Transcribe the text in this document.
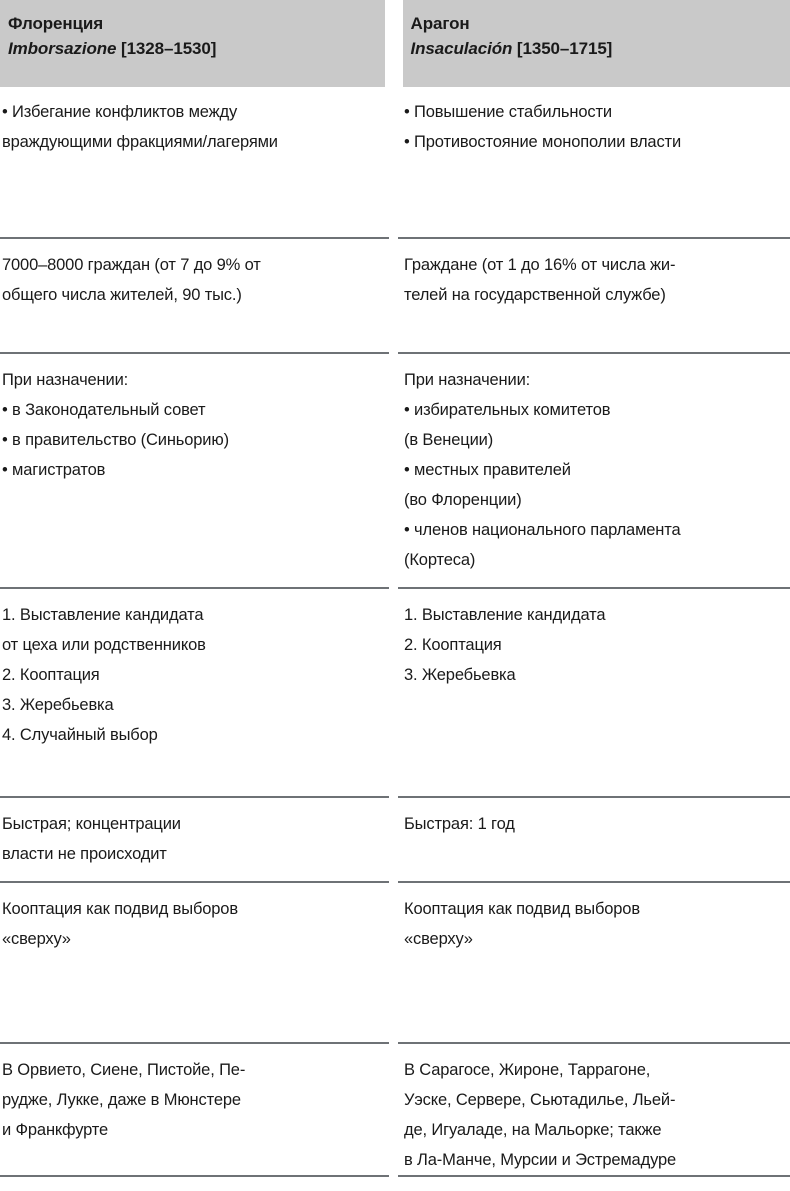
Флоренция
Imborsazione [1328–1530]
Арагон
Insaculación [1350–1715]
• Избегание конфликтов между
враждующими фракциями/лагерями
• Повышение стабильности
• Противостояние монополии власти
7000–8000 граждан (от 7 до 9% от
общего числа жителей, 90 тыс.)
Граждане (от 1 до 16% от числа жи-
телей на государственной службе)
При назначении:
• в Законодательный совет
• в правительство (Синьорию)
• магистратов
При назначении:
• избирательных комитетов
(в Венеции)
• местных правителей
(во Флоренции)
• членов национального парламента
(Кортеса)
1. Выставление кандидата
от цеха или родственников
2. Кооптация
3. Жеребьевка
4. Случайный выбор
1. Выставление кандидата
2. Кооптация
3. Жеребьевка
Быстрая; концентрации
власти не происходит
Быстрая: 1 год
Кооптация как подвид выборов
«сверху»
Кооптация как подвид выборов
«сверху»
В Орвието, Сиене, Пистойе, Пе-
рудже, Лукке, даже в Мюнстере
и Франкфурте
В Сарагосе, Жироне, Таррагоне,
Уэске, Сервере, Сьютадилье, Льей-
де, Игуаладе, на Мальорке; также
в Ла-Манче, Мурсии и Эстремадуре
